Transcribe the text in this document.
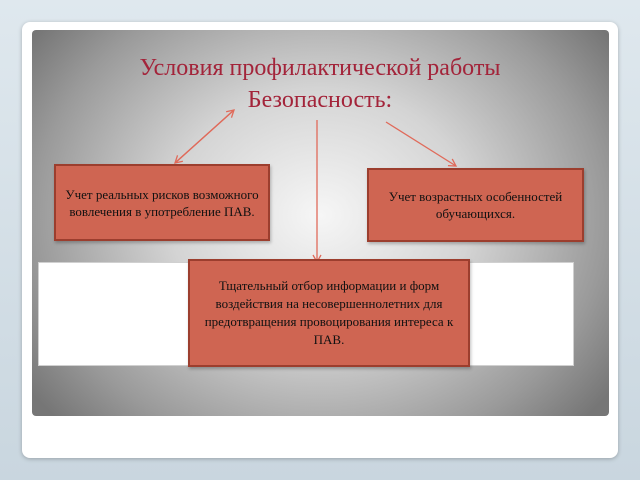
Условия профилактической работы
Безопасность:
Учет реальных рисков возможного вовлечения в употребление ПАВ.
Учет возрастных особенностей обучающихся.
Тщательный отбор информации и форм воздействия на несовершеннолетних для предотвращения провоцирования интереса к ПАВ.
